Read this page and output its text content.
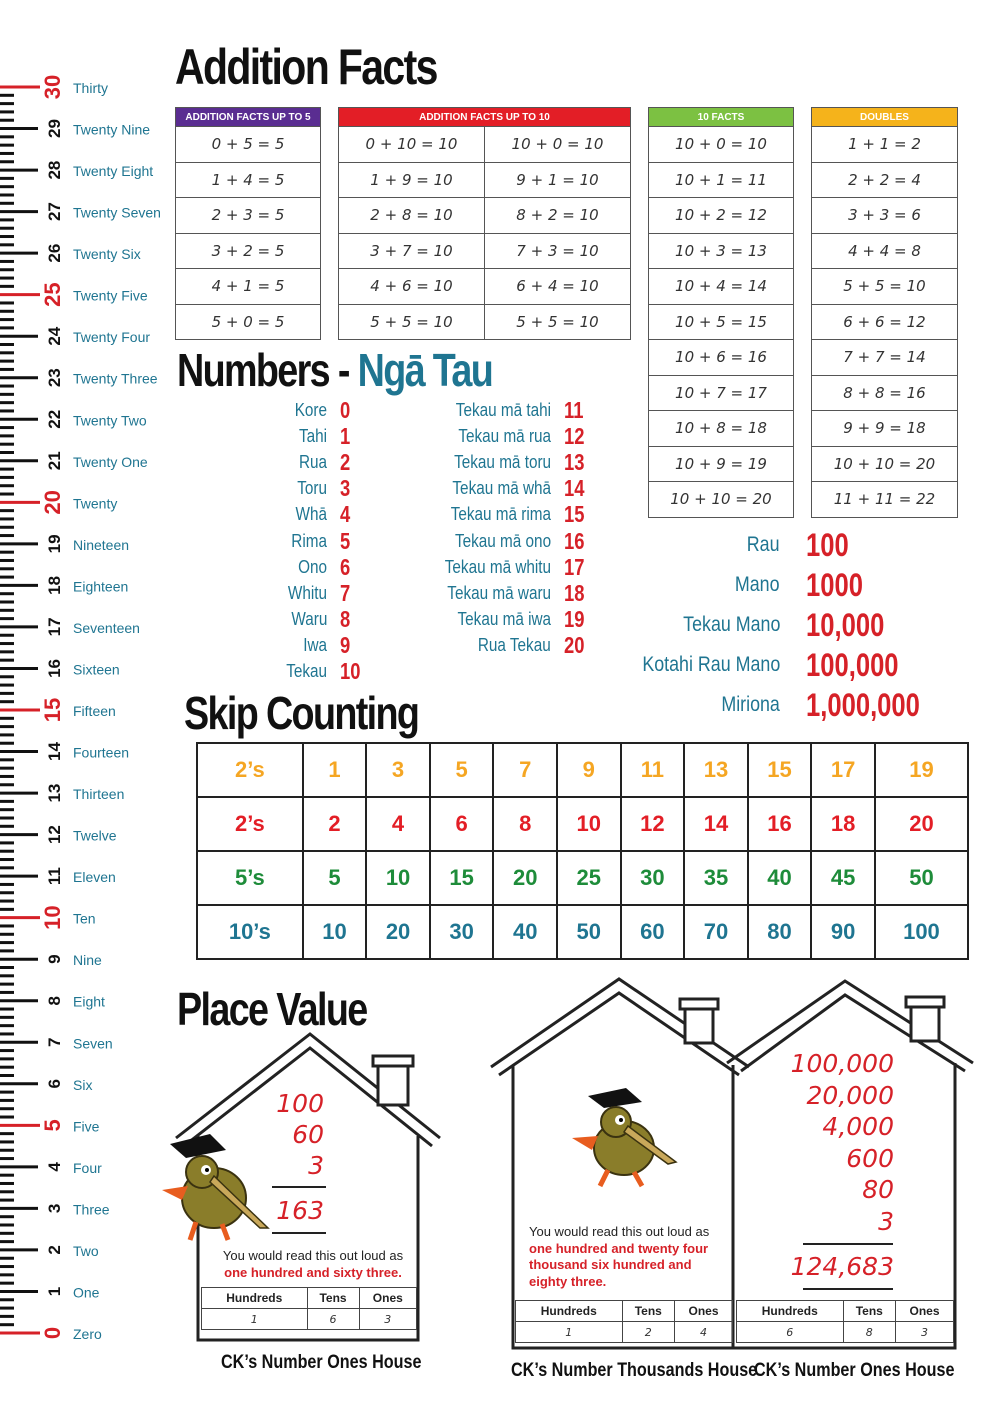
0 Zero
1 One
2 Two
3 Three
4 Four
5 Five
6 Six
7 Seven
8 Eight
9 Nine
10 Ten
11 Eleven
12 Twelve
13 Thirteen
14 Fourteen
15 Fifteen
16 Sixteen
17 Seventeen
18 Eighteen
19 Nineteen
20 Twenty
21 Twenty One
22 Twenty Two
23 Twenty Three
24 Twenty Four
25 Twenty Five
26 Twenty Six
27 Twenty Seven
28 Twenty Eight
29 Twenty Nine
30 Thirty Addition Facts
ADDITION FACTS UP TO 5
0 + 5 = 5
1 + 4 = 5
2 + 3 = 5
3 + 2 = 5
4 + 1 = 5
5 + 0 = 5
ADDITION FACTS UP TO 10	
0 + 10 = 10	10 + 0 = 10
1 + 9 = 10	9 + 1 = 10
2 + 8 = 10	8 + 2 = 10
3 + 7 = 10	7 + 3 = 10
4 + 6 = 10	6 + 4 = 10
5 + 5 = 10	5 + 5 = 10
10 FACTS
10 + 0 = 10
10 + 1 = 11
10 + 2 = 12
10 + 3 = 13
10 + 4 = 14
10 + 5 = 15
10 + 6 = 16
10 + 7 = 17
10 + 8 = 18
10 + 9 = 19
10 + 10 = 20
DOUBLES
1 + 1 = 2
2 + 2 = 4
3 + 3 = 6
4 + 4 = 8
5 + 5 = 10
6 + 6 = 12
7 + 7 = 14
8 + 8 = 16
9 + 9 = 18
10 + 10 = 20
11 + 11 = 22
Numbers - Ngā Tau
Kore 0
Tahi 1
Rua 2
Toru 3
Whā 4
Rima 5
Ono 6
Whitu 7
Waru 8
Iwa 9
Tekau 10
Tekau mā tahi 11
Tekau mā rua 12
Tekau mā toru 13
Tekau mā whā 14
Tekau mā rima 15
Tekau mā ono 16
Tekau mā whitu 17
Tekau mā waru 18
Tekau mā iwa 19
Rua Tekau 20
Rau 100
Mano 1000
Tekau Mano 10,000
Kotahi Rau Mano 100,000
Miriona 1,000,000
Skip Counting
2’s	1	3	5	7	9	11	13	15	17	19
2’s	2	4	6	8	10	12	14	16	18	20
5’s	5	10	15	20	25	30	35	40	45	50
10’s	10	20	30	40	50	60	70	80	90	100
Place Value
100
60
3
163
You would read this out loud as
one hundred and sixty three.
Hundreds	Tens	Ones
1	6	3
CK’s Number Ones House
You would read this out loud as
one hundred and twenty four
thousand six hundred and
eighty three.
Hundreds	Tens	Ones
1	2	4
CK’s Number Thousands House
100,000
20,000
4,000
600
80
3
124,683
Hundreds	Tens	Ones
6	8	3
CK’s Number Ones House
